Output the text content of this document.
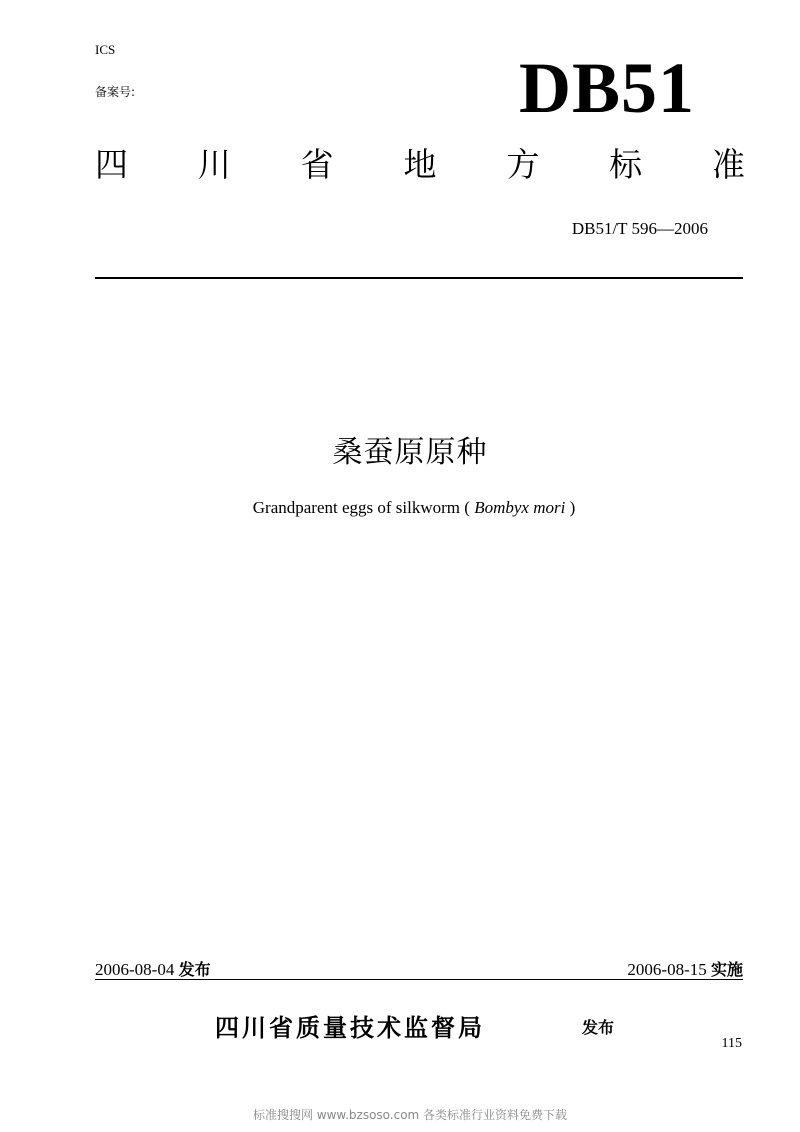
ICS
备案号:	DB51
四 川 省 地 方 标 准
DB51/T 596—2006
桑蚕原原种
Grandparent eggs of silkworm ( Bombyx mori )
2006-08-04 发布	2006-08-15 实施
四川省质量技术监督局	发布
115
标准搜搜网 www.bzsoso.com 各类标准行业资料免费下载
